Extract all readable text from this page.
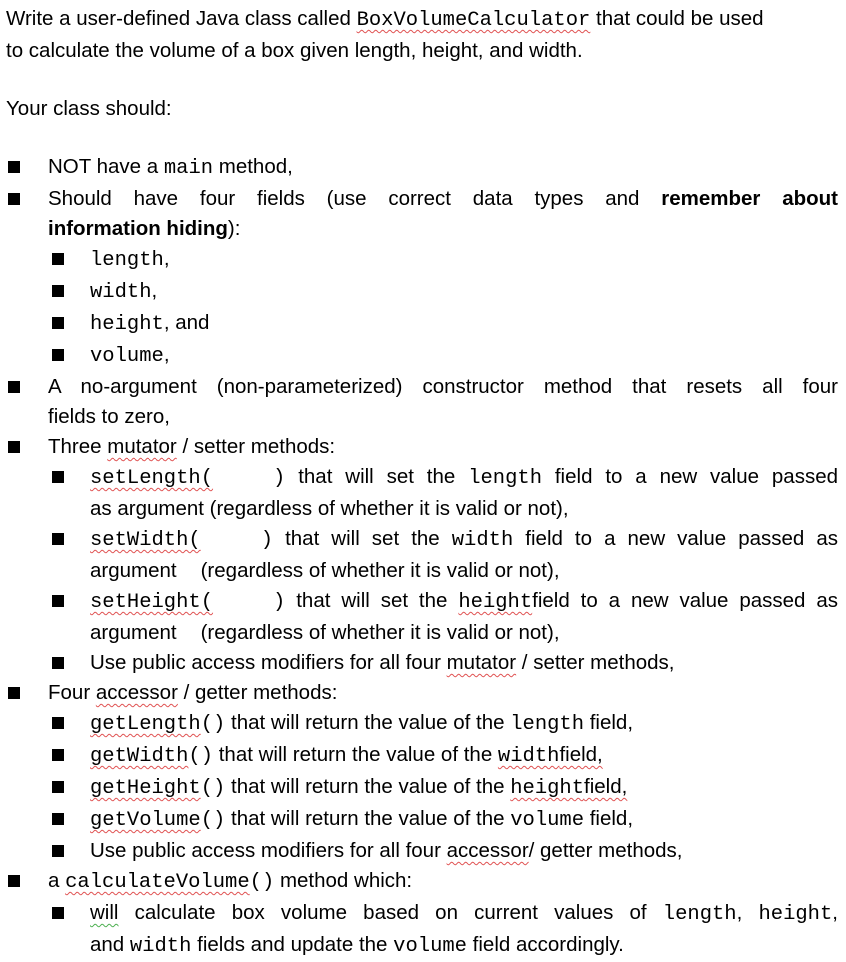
Write a user-defined Java class called BoxVolumeCalculator that could be used

to calculate the volume of a box given length, height, and width.

Your class should:

NOT have a main method,
Should have four fields (use correct data types and remember about
information hiding):
length,
width,
height, and
volume,
A no-argument (non-parameterized) constructor method that resets all four
fields to zero,
Three mutator / setter methods:
setLength(	) that will set the length field to a new value passed
as argument (regardless of whether it is valid or not),
setWidth(	) that will set the width field to a new value passed as
argument (regardless of whether it is valid or not),
setHeight(	) that will set the heightfield to a new value passed as
argument (regardless of whether it is valid or not),
Use public access modifiers for all four mutator / setter methods,
Four accessor / getter methods:
getLength() that will return the value of the length field,
getWidth() that will return the value of the widthfield,
getHeight() that will return the value of the heightfield,
getVolume() that will return the value of the volume field,
Use public access modifiers for all four accessor/ getter methods,
a calculateVolume() method which:
will calculate box volume based on current values of length, height,
and width fields and update the volume field accordingly.
